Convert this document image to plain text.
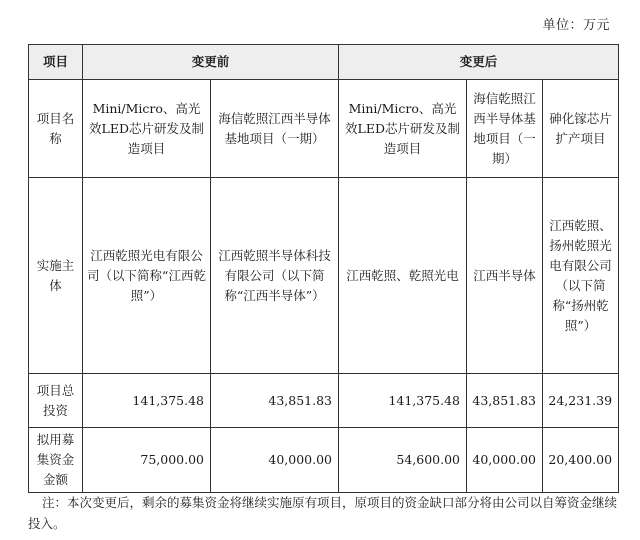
单位：万元
项目	变更前		变更后		
项目名称	Mini/Micro、高光效LED芯片研发及制造项目	海信乾照江西半导体基地项目（一期）	Mini/Micro、高光效LED芯片研发及制造项目	海信乾照江西半导体基地项目（一期）	砷化镓芯片扩产项目
实施主体	江西乾照光电有限公司（以下简称“江西乾照”）	江西乾照半导体科技有限公司（以下简称“江西半导体”）	江西乾照、乾照光电	江西半导体	江西乾照、扬州乾照光电有限公司（以下简称“扬州乾照”）
项目总投资	141,375.48	43,851.83	141,375.48	43,851.83	24,231.39
拟用募集资金金额	75,000.00	40,000.00	54,600.00	40,000.00	20,400.00
注：本次变更后，剩余的募集资金将继续实施原有项目，原项目的资金缺口部分将由公司以自筹资金继续投入。
